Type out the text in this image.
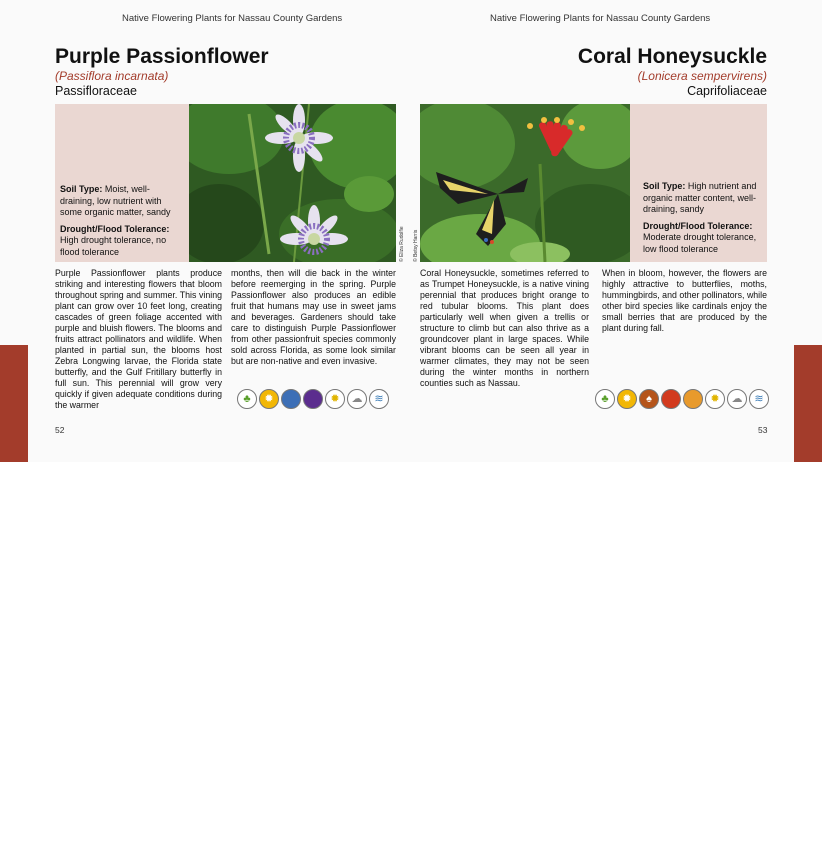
Native Flowering Plants for Nassau County Gardens	Native Flowering Plants for Nassau County Gardens
Purple Passionflower
(Passiflora incarnata)
Passifloraceae

Soil Type: Moist, well-draining, low nutrient with some organic matter, sandy

Drought/Flood Tolerance:
High drought tolerance, no flood tolerance	© Eliza Rudolfie
Purple Passionflower plants produce striking and interesting flowers that bloom throughout spring and summer. This vining plant can grow over 10 feet long, creating cascades of green foliage accented with purple and bluish flowers. The blooms and fruits attract pollinators and wildlife. When planted in partial sun, the blooms host Zebra Longwing larvae, the Florida state butterfly, and the Gulf Fritillary butterfly in full sun. This perennial will grow very quickly if given adequate conditions during the warmer
months, then will die back in the winter before reemerging in the spring. Purple Passionflower also produces an edible fruit that humans may use in sweet jams and beverages. Gardeners should take care to distinguish Purple Passionflower from other passionfruit species commonly sold across Florida, as some look similar but are non-native and even invasive.
♣	✹	✹	☁	≋
52
Coral Honeysuckle
(Lonicera sempervirens)
Caprifoliaceae
© Betsy Harris

Soil Type: High nutrient and organic matter content, well-draining, sandy

Drought/Flood Tolerance:
Moderate drought tolerance, low flood tolerance

Coral Honeysuckle, sometimes referred to as Trumpet Honeysuckle, is a native vining perennial that produces bright orange to red tubular blooms. This plant does particularly well when given a trellis or structure to climb but can also thrive as a groundcover plant in large spaces. While vibrant blooms can be seen all year in warmer climates, they may not be seen during the winter months in northern counties such as Nassau.
When in bloom, however, the flowers are highly attractive to butterflies, moths, hummingbirds, and other pollinators, while other bird species like cardinals enjoy the small berries that are produced by the plant during fall.
♣	✹	♠	✹	☁	≋
53
